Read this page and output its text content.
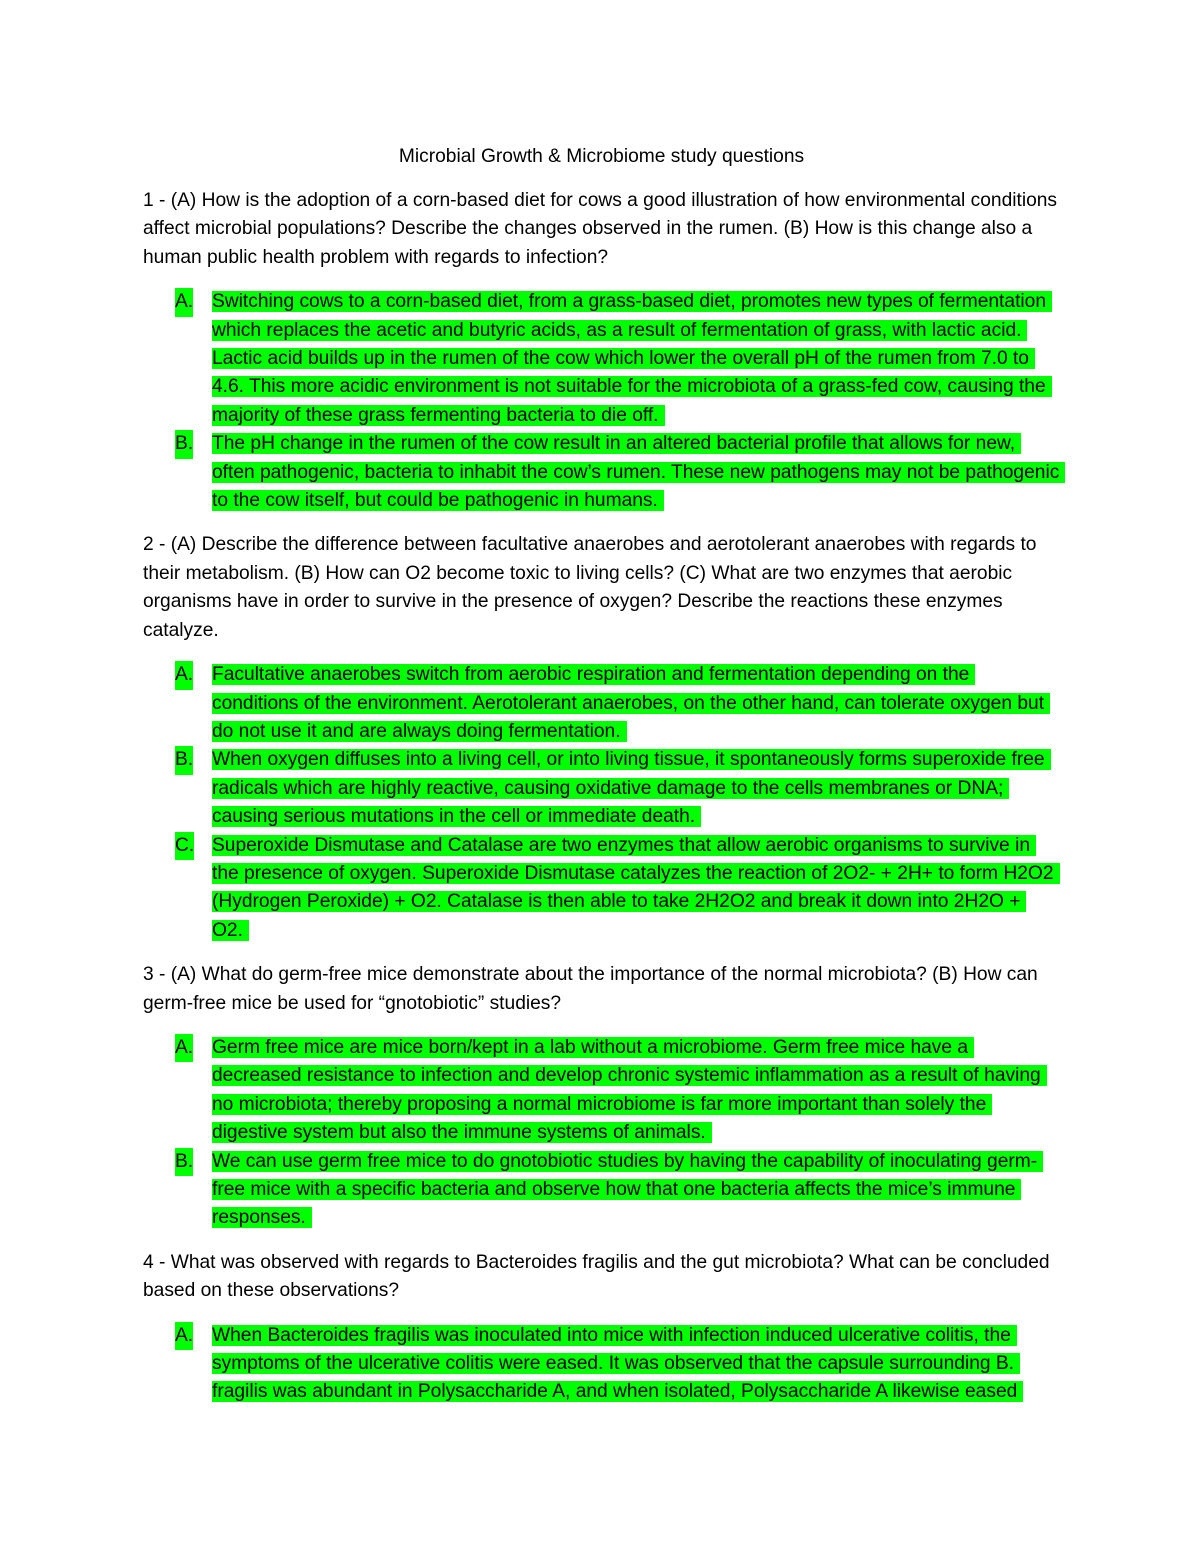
Microbial Growth & Microbiome study questions

1 - (A) How is the adoption of a corn-based diet for cows a good illustration of how environmental conditions affect microbial populations? Describe the changes observed in the rumen. (B) How is this change also a human public health problem with regards to infection?

A. Switching cows to a corn-based diet, from a grass-based diet, promotes new types of fermentation which replaces the acetic and butyric acids, as a result of fermentation of grass, with lactic acid. Lactic acid builds up in the rumen of the cow which lower the overall pH of the rumen from 7.0 to 4.6. This more acidic environment is not suitable for the microbiota of a grass-fed cow, causing the majority of these grass fermenting bacteria to die off.
B. The pH change in the rumen of the cow result in an altered bacterial profile that allows for new, often pathogenic, bacteria to inhabit the cow’s rumen. These new pathogens may not be pathogenic to the cow itself, but could be pathogenic in humans.

2 - (A) Describe the difference between facultative anaerobes and aerotolerant anaerobes with regards to their metabolism. (B) How can O2 become toxic to living cells? (C) What are two enzymes that aerobic organisms have in order to survive in the presence of oxygen? Describe the reactions these enzymes catalyze.

A. Facultative anaerobes switch from aerobic respiration and fermentation depending on the conditions of the environment. Aerotolerant anaerobes, on the other hand, can tolerate oxygen but do not use it and are always doing fermentation.
B. When oxygen diffuses into a living cell, or into living tissue, it spontaneously forms superoxide free radicals which are highly reactive, causing oxidative damage to the cells membranes or DNA; causing serious mutations in the cell or immediate death.
C. Superoxide Dismutase and Catalase are two enzymes that allow aerobic organisms to survive in the presence of oxygen. Superoxide Dismutase catalyzes the reaction of 2O2- + 2H+ to form H2O2 (Hydrogen Peroxide) + O2. Catalase is then able to take 2H2O2 and break it down into 2H2O + O2.

3 - (A) What do germ-free mice demonstrate about the importance of the normal microbiota? (B) How can germ-free mice be used for “gnotobiotic” studies?

A. Germ free mice are mice born/kept in a lab without a microbiome. Germ free mice have a decreased resistance to infection and develop chronic systemic inflammation as a result of having no microbiota; thereby proposing a normal microbiome is far more important than solely the digestive system but also the immune systems of animals.
B. We can use germ free mice to do gnotobiotic studies by having the capability of inoculating germ-free mice with a specific bacteria and observe how that one bacteria affects the mice’s immune responses.

4 - What was observed with regards to Bacteroides fragilis and the gut microbiota? What can be concluded based on these observations?

A. When Bacteroides fragilis was inoculated into mice with infection induced ulcerative colitis, the symptoms of the ulcerative colitis were eased. It was observed that the capsule surrounding B. fragilis was abundant in Polysaccharide A, and when isolated, Polysaccharide A likewise eased
